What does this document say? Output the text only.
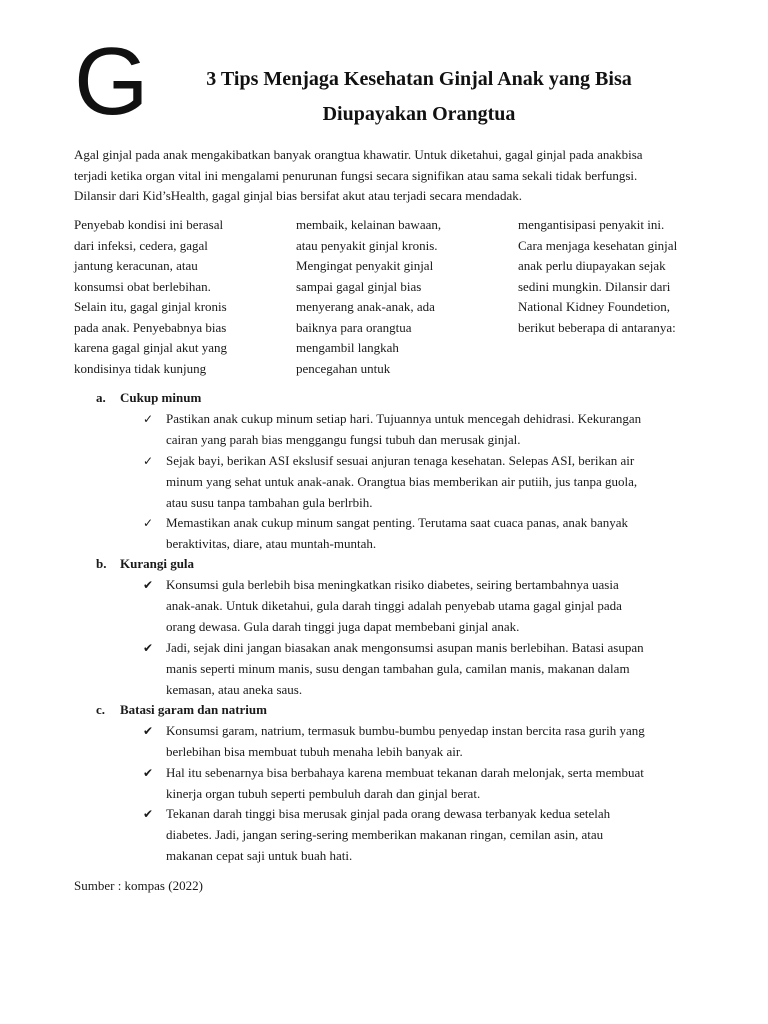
G	3 Tips Menjaga Kesehatan Ginjal Anak yang Bisa
Diupayakan Orangtua

Agal ginjal pada anak mengakibatkan banyak orangtua khawatir. Untuk diketahui, gagal ginjal pada anakbisa
terjadi ketika organ vital ini mengalami penurunan fungsi secara signifikan atau sama sekali tidak berfungsi.
Dilansir dari Kid’sHealth, gagal ginjal bias bersifat akut atau terjadi secara mendadak.

Penyebab kondisi ini berasal
dari infeksi, cedera, gagal
jantung keracunan, atau
konsumsi obat berlebihan.
Selain itu, gagal ginjal kronis
pada anak. Penyebabnya bias
karena gagal ginjal akut yang
kondisinya tidak kunjung
membaik, kelainan bawaan,
atau penyakit ginjal kronis.
Mengingat penyakit ginjal
sampai gagal ginjal bias
menyerang anak-anak, ada
baiknya para orangtua
mengambil langkah
pencegahan untuk
mengantisipasi penyakit ini.
Cara menjaga kesehatan ginjal
anak perlu diupayakan sejak
sedini mungkin. Dilansir dari
National Kidney Foundetion,
berikut beberapa di antaranya:
a. Cukup minum
✓ Pastikan anak cukup minum setiap hari. Tujuannya untuk mencegah dehidrasi. Kekurangan
cairan yang parah bias menggangu fungsi tubuh dan merusak ginjal.
✓ Sejak bayi, berikan ASI ekslusif sesuai anjuran tenaga kesehatan. Selepas ASI, berikan air
minum yang sehat untuk anak-anak. Orangtua bias memberikan air putiih, jus tanpa guola,
atau susu tanpa tambahan gula berlrbih.
✓ Memastikan anak cukup minum sangat penting. Terutama saat cuaca panas, anak banyak
beraktivitas, diare, atau muntah-muntah.
b. Kurangi gula
✔ Konsumsi gula berlebih bisa meningkatkan risiko diabetes, seiring bertambahnya uasia
anak-anak. Untuk diketahui, gula darah tinggi adalah penyebab utama gagal ginjal pada
orang dewasa. Gula darah tinggi juga dapat membebani ginjal anak.
✔ Jadi, sejak dini jangan biasakan anak mengonsumsi asupan manis berlebihan. Batasi asupan
manis seperti minum manis, susu dengan tambahan gula, camilan manis, makanan dalam
kemasan, atau aneka saus.
c. Batasi garam dan natrium
✔ Konsumsi garam, natrium, termasuk bumbu-bumbu penyedap instan bercita rasa gurih yang
berlebihan bisa membuat tubuh menaha lebih banyak air.
✔ Hal itu sebenarnya bisa berbahaya karena membuat tekanan darah melonjak, serta membuat
kinerja organ tubuh seperti pembuluh darah dan ginjal berat.
✔ Tekanan darah tinggi bisa merusak ginjal pada orang dewasa terbanyak kedua setelah
diabetes. Jadi, jangan sering-sering memberikan makanan ringan, cemilan asin, atau
makanan cepat saji untuk buah hati.
Sumber : kompas (2022)
